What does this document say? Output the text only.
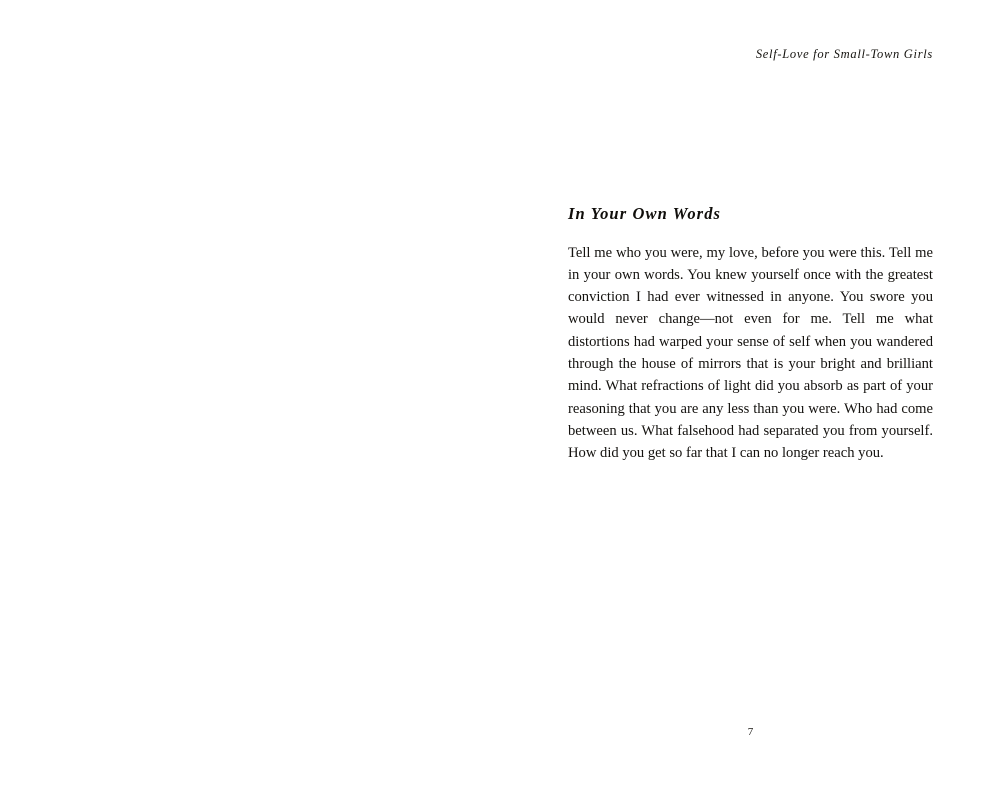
Self-Love for Small-Town Girls
In Your Own Words

Tell me who you were, my love, before you were this. Tell me in your own words. You knew yourself once with the greatest conviction I had ever witnessed in anyone. You swore you would never change—not even for me. Tell me what distortions had warped your sense of self when you wandered through the house of mirrors that is your bright and brilliant mind. What refractions of light did you absorb as part of your reasoning that you are any less than you were. Who had come between us. What falsehood had separated you from yourself. How did you get so far that I can no longer reach you.

7
